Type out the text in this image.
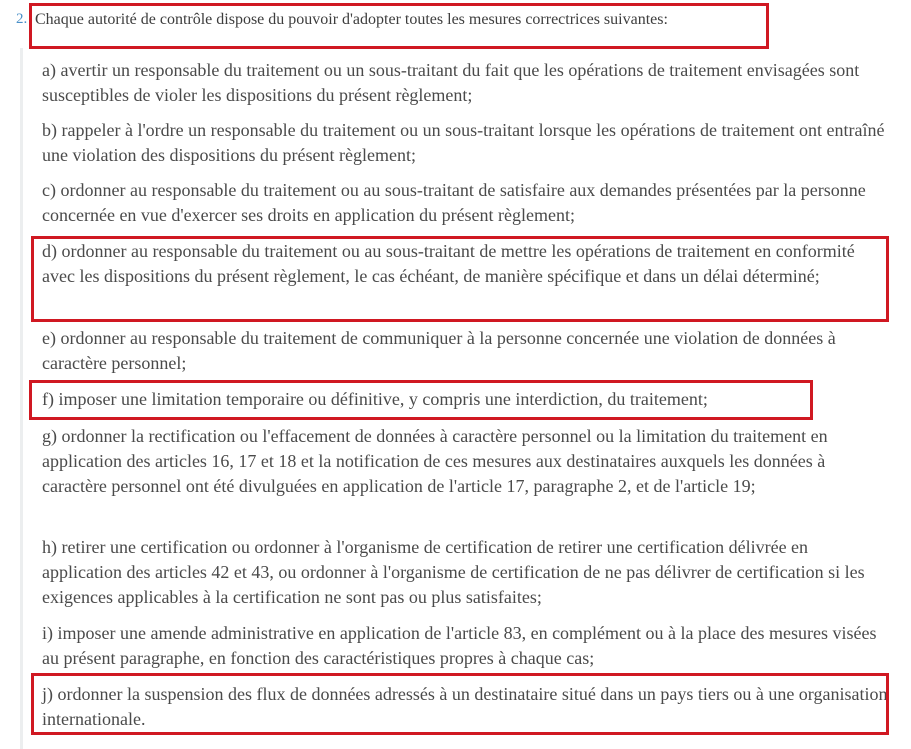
2. Chaque autorité de contrôle dispose du pouvoir d'adopter toutes les mesures correctrices suivantes:
a) avertir un responsable du traitement ou un sous-traitant du fait que les opérations de traitement envisagées sont susceptibles de violer les dispositions du présent règlement;
b) rappeler à l'ordre un responsable du traitement ou un sous-traitant lorsque les opérations de traitement ont entraîné une violation des dispositions du présent règlement;
c) ordonner au responsable du traitement ou au sous-traitant de satisfaire aux demandes présentées par la personne concernée en vue d'exercer ses droits en application du présent règlement;
d) ordonner au responsable du traitement ou au sous-traitant de mettre les opérations de traitement en conformité avec les dispositions du présent règlement, le cas échéant, de manière spécifique et dans un délai déterminé;
e) ordonner au responsable du traitement de communiquer à la personne concernée une violation de données à caractère personnel;
f) imposer une limitation temporaire ou définitive, y compris une interdiction, du traitement;
g) ordonner la rectification ou l'effacement de données à caractère personnel ou la limitation du traitement en application des articles 16, 17 et 18 et la notification de ces mesures aux destinataires auxquels les données à caractère personnel ont été divulguées en application de l'article 17, paragraphe 2, et de l'article 19;
h) retirer une certification ou ordonner à l'organisme de certification de retirer une certification délivrée en application des articles 42 et 43, ou ordonner à l'organisme de certification de ne pas délivrer de certification si les exigences applicables à la certification ne sont pas ou plus satisfaites;
i) imposer une amende administrative en application de l'article 83, en complément ou à la place des mesures visées au présent paragraphe, en fonction des caractéristiques propres à chaque cas;
j) ordonner la suspension des flux de données adressés à un destinataire situé dans un pays tiers ou à une organisation internationale.
